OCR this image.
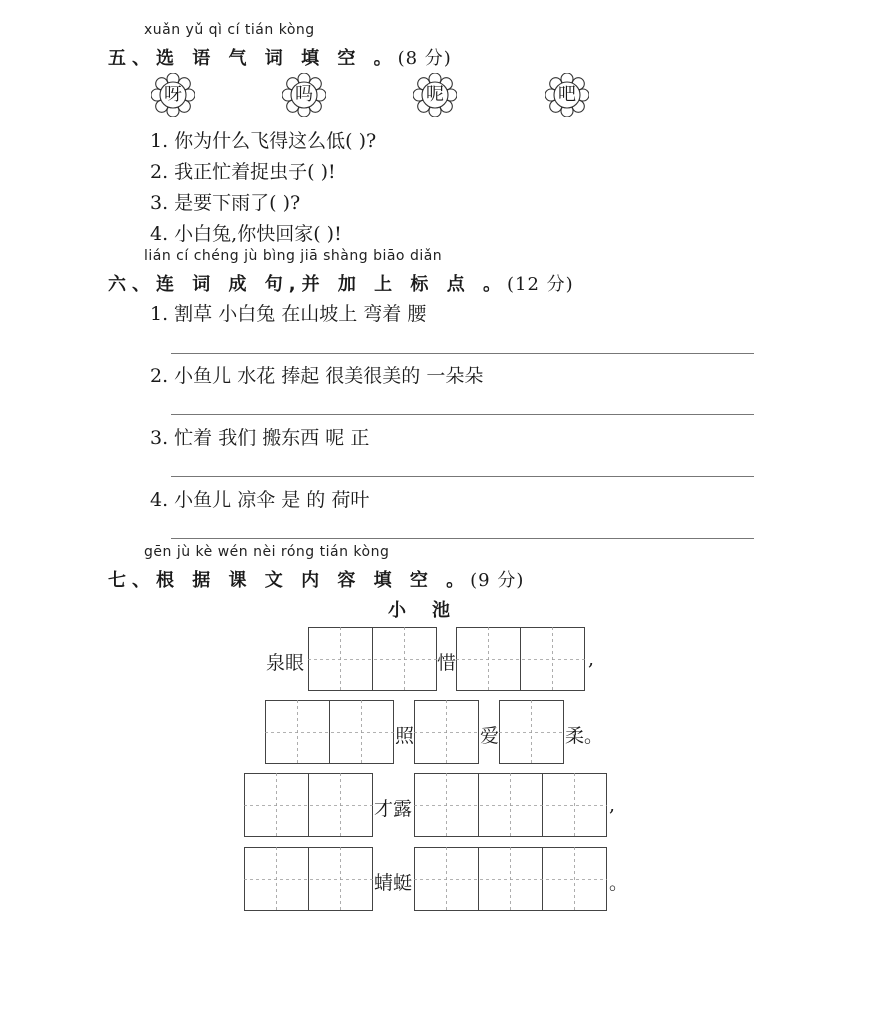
xuǎn yǔ qì cí tián kòng
五、选 语 气 词 填 空 。(8 分)
呀	吗	呢	吧
1. 你为什么飞得这么低( )?
2. 我正忙着捉虫子( )!
3. 是要下雨了( )?
4. 小白兔,你快回家( )!
lián cí chéng jù bìng jiā shàng biāo diǎn
六、连 词 成 句,并 加 上 标 点 。(12 分)
1. 割草 小白兔 在山坡上 弯着 腰
2. 小鱼儿 水花 捧起 很美很美的 一朵朵
3. 忙着 我们 搬东西 呢 正
4. 小鱼儿 凉伞 是 的 荷叶
gēn jù kè wén nèi róng tián kòng
七、根 据 课 文 内 容 填 空 。(9 分)
小池
泉眼	惜	,
照	爱	柔。
才露	,
蜻蜓	。
